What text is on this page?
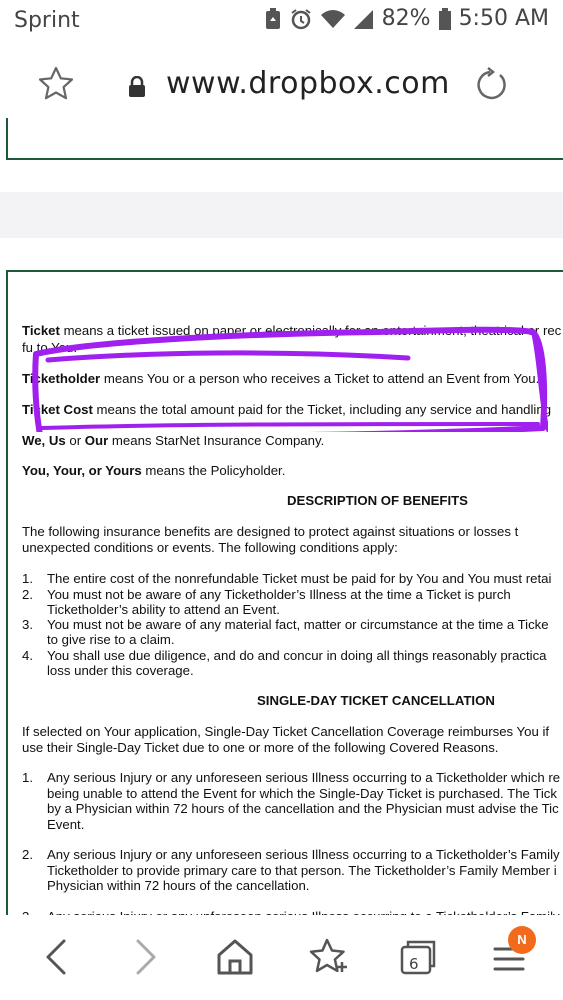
Sprint	82% 5:50 AM
www.dropbox.com

Ticket means a ticket issued on paper or electronically for an entertainment, theatrical or rec

fu to You.

Ticketholder means You or a person who receives a Ticket to attend an Event from You.

Ticket Cost means the total amount paid for the Ticket, including any service and handling

We, Us or Our means StarNet Insurance Company.

You, Your, or Yours means the Policyholder.

DESCRIPTION OF BENEFITS

The following insurance benefits are designed to protect against situations or losses t

unexpected conditions or events. The following conditions apply:

1. The entire cost of the nonrefundable Ticket must be paid for by You and You must retai

2. You must not be aware of any Ticketholder’s Illness at the time a Ticket is purch

Ticketholder’s ability to attend an Event.

3. You must not be aware of any material fact, matter or circumstance at the time a Ticke

to give rise to a claim.

4. You shall use due diligence, and do and concur in doing all things reasonably practica

loss under this coverage.

SINGLE-DAY TICKET CANCELLATION

If selected on Your application, Single-Day Ticket Cancellation Coverage reimburses You if

use their Single-Day Ticket due to one or more of the following Covered Reasons.

1. Any serious Injury or any unforeseen serious Illness occurring to a Ticketholder which re

being unable to attend the Event for which the Single-Day Ticket is purchased. The Tick

by a Physician within 72 hours of the cancellation and the Physician must advise the Tic

Event.

2. Any serious Injury or any unforeseen serious Illness occurring to a Ticketholder’s Family

Ticketholder to provide primary care to that person. The Ticketholder’s Family Member i

Physician within 72 hours of the cancellation.

6
N
